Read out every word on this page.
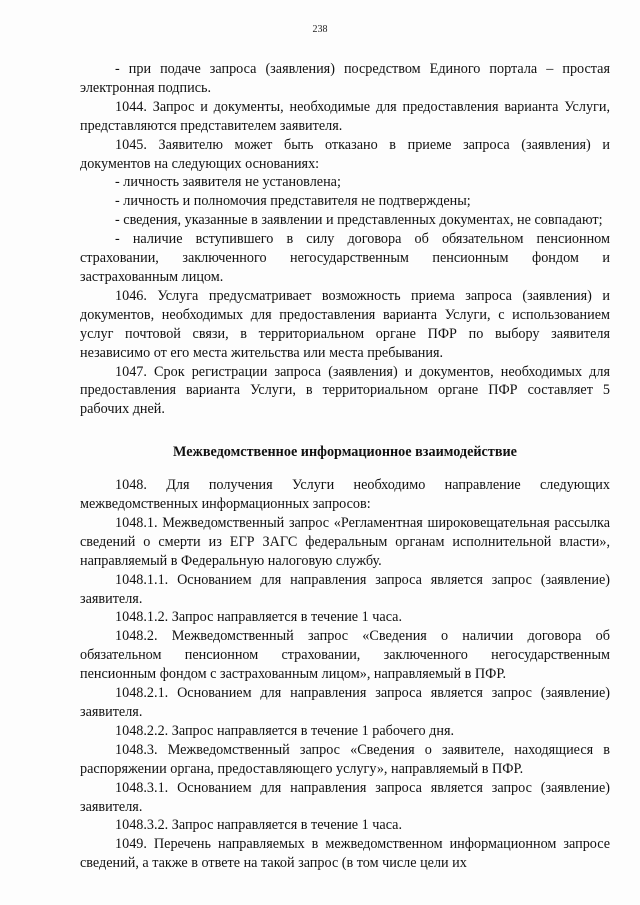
238

- при подаче запроса (заявления) посредством Единого портала – простая электронная подпись.

1044. Запрос и документы, необходимые для предоставления варианта Услуги, представляются представителем заявителя.

1045. Заявителю может быть отказано в приеме запроса (заявления) и документов на следующих основаниях:

- личность заявителя не установлена;

- личность и полномочия представителя не подтверждены;

- сведения, указанные в заявлении и представленных документах, не совпадают;

- наличие вступившего в силу договора об обязательном пенсионном страховании, заключенного негосударственным пенсионным фондом и застрахованным лицом.

1046. Услуга предусматривает возможность приема запроса (заявления) и документов, необходимых для предоставления варианта Услуги, с использованием услуг почтовой связи, в территориальном органе ПФР по выбору заявителя независимо от его места жительства или места пребывания.

1047. Срок регистрации запроса (заявления) и документов, необходимых для предоставления варианта Услуги, в территориальном органе ПФР составляет 5 рабочих дней.

Межведомственное информационное взаимодействие

1048. Для получения Услуги необходимо направление следующих межведомственных информационных запросов:

1048.1. Межведомственный запрос «Регламентная широковещательная рассылка сведений о смерти из ЕГР ЗАГС федеральным органам исполнительной власти», направляемый в Федеральную налоговую службу.

1048.1.1. Основанием для направления запроса является запрос (заявление) заявителя.

1048.1.2. Запрос направляется в течение 1 часа.

1048.2. Межведомственный запрос «Сведения о наличии договора об обязательном пенсионном страховании, заключенного негосударственным пенсионным фондом с застрахованным лицом», направляемый в ПФР.

1048.2.1. Основанием для направления запроса является запрос (заявление) заявителя.

1048.2.2. Запрос направляется в течение 1 рабочего дня.

1048.3. Межведомственный запрос «Сведения о заявителе, находящиеся в распоряжении органа, предоставляющего услугу», направляемый в ПФР.

1048.3.1. Основанием для направления запроса является запрос (заявление) заявителя.

1048.3.2. Запрос направляется в течение 1 часа.

1049. Перечень направляемых в межведомственном информационном запросе сведений, а также в ответе на такой запрос (в том числе цели их
